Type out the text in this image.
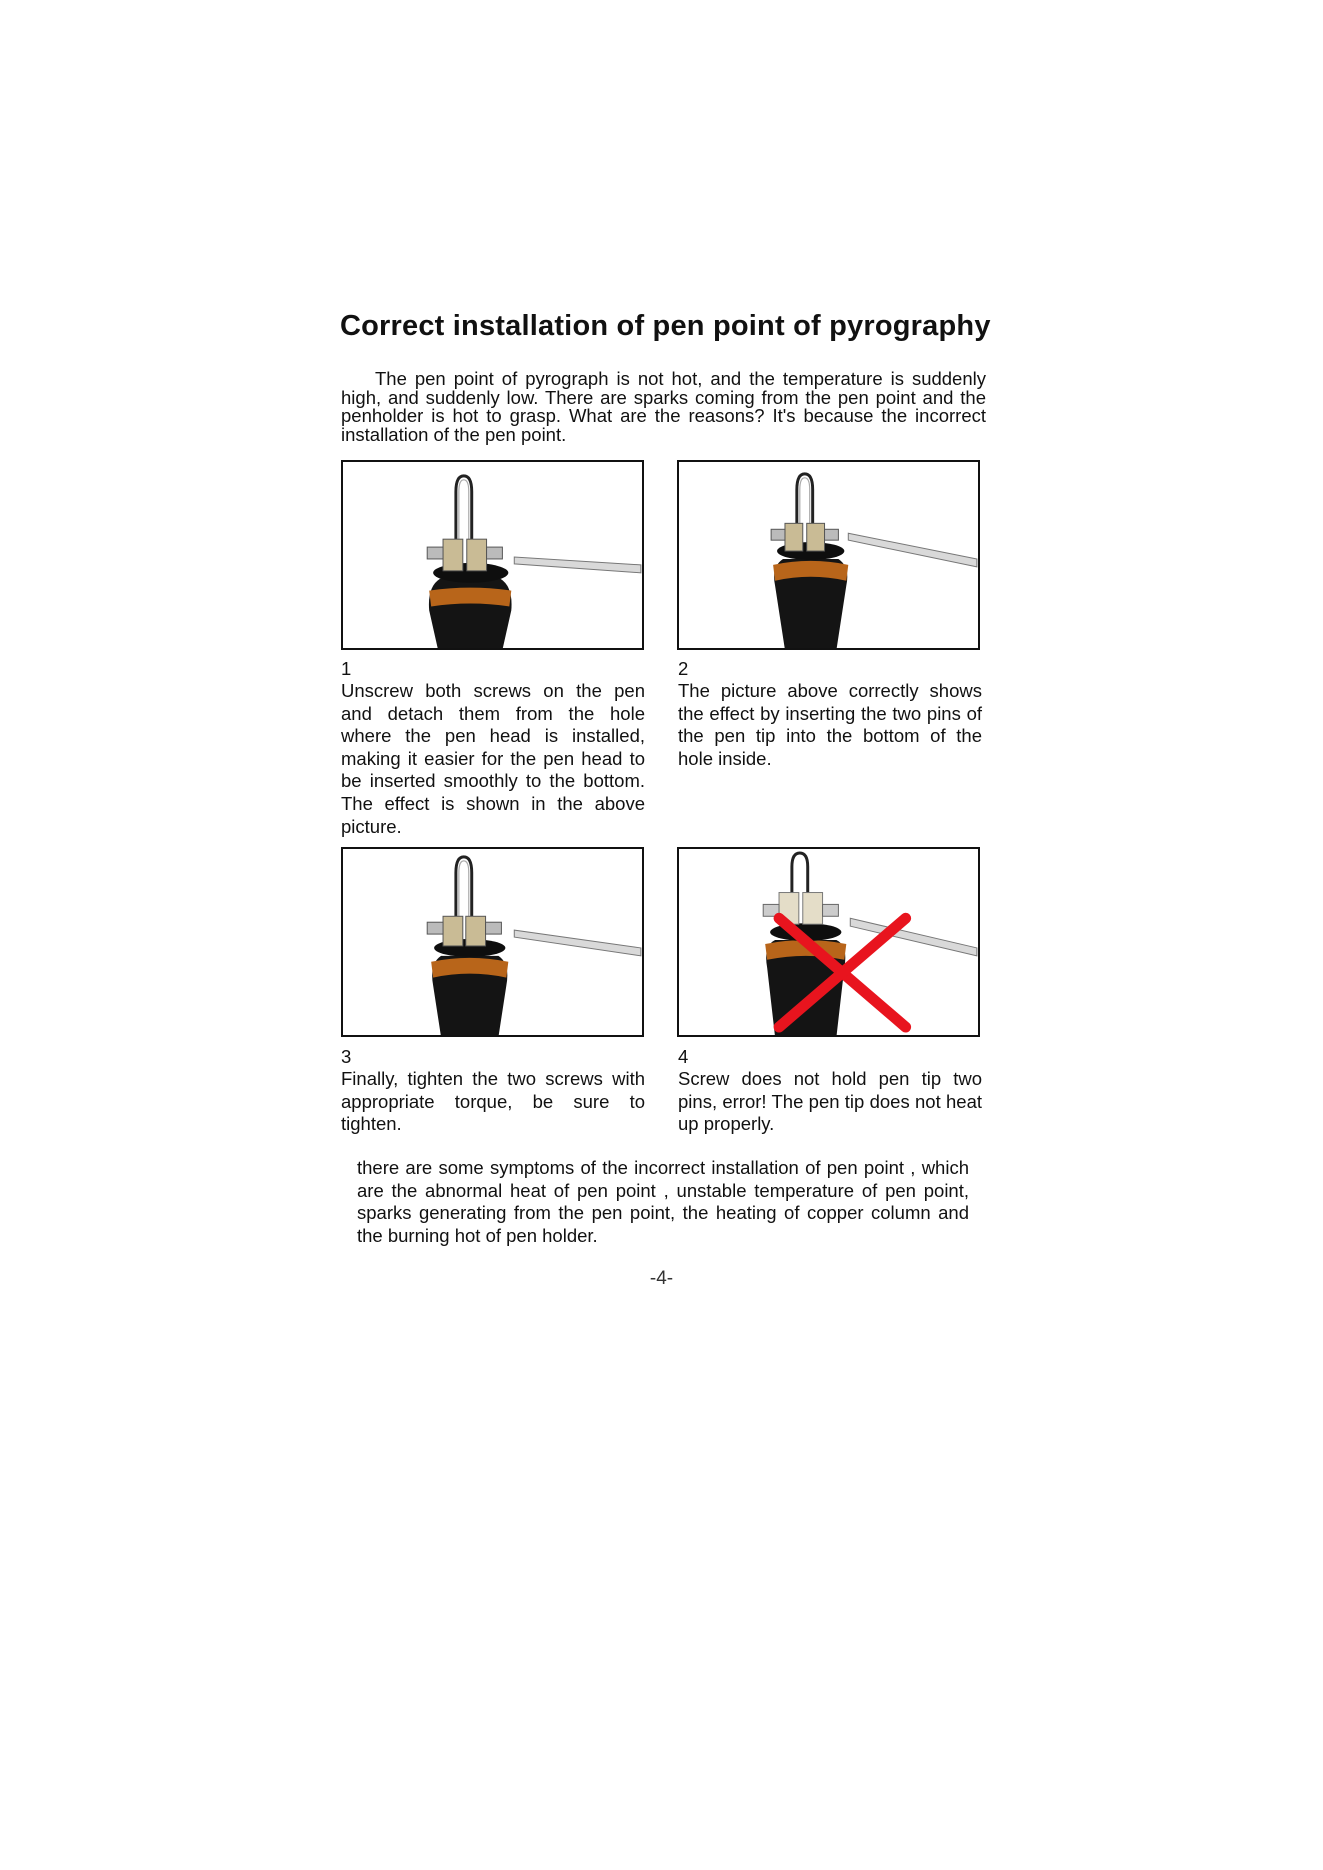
Correct installation of pen point of pyrography
The pen point of pyrograph is not hot, and the temperature is suddenly high, and suddenly low. There are sparks coming from the pen point and the penholder is hot to grasp. What are the reasons? It's because the incorrect installation of the pen point.
1
Unscrew both screws on the pen and detach them from the hole where the pen head is installed, making it easier for the pen head to be inserted smoothly to the bottom. The effect is shown in the above picture.
2
The picture above correctly shows the effect by inserting the two pins of the pen tip into the bottom of the hole inside.
3
Finally, tighten the two screws with appropriate torque, be sure to tighten.
4
Screw does not hold pen tip two pins, error! The pen tip does not heat up properly.
there are some symptoms of the incorrect installation of pen point , which are the abnormal heat of pen point , unstable temperature of pen point, sparks generating from the pen point, the heating of copper column and the burning hot of pen holder.
-4-
